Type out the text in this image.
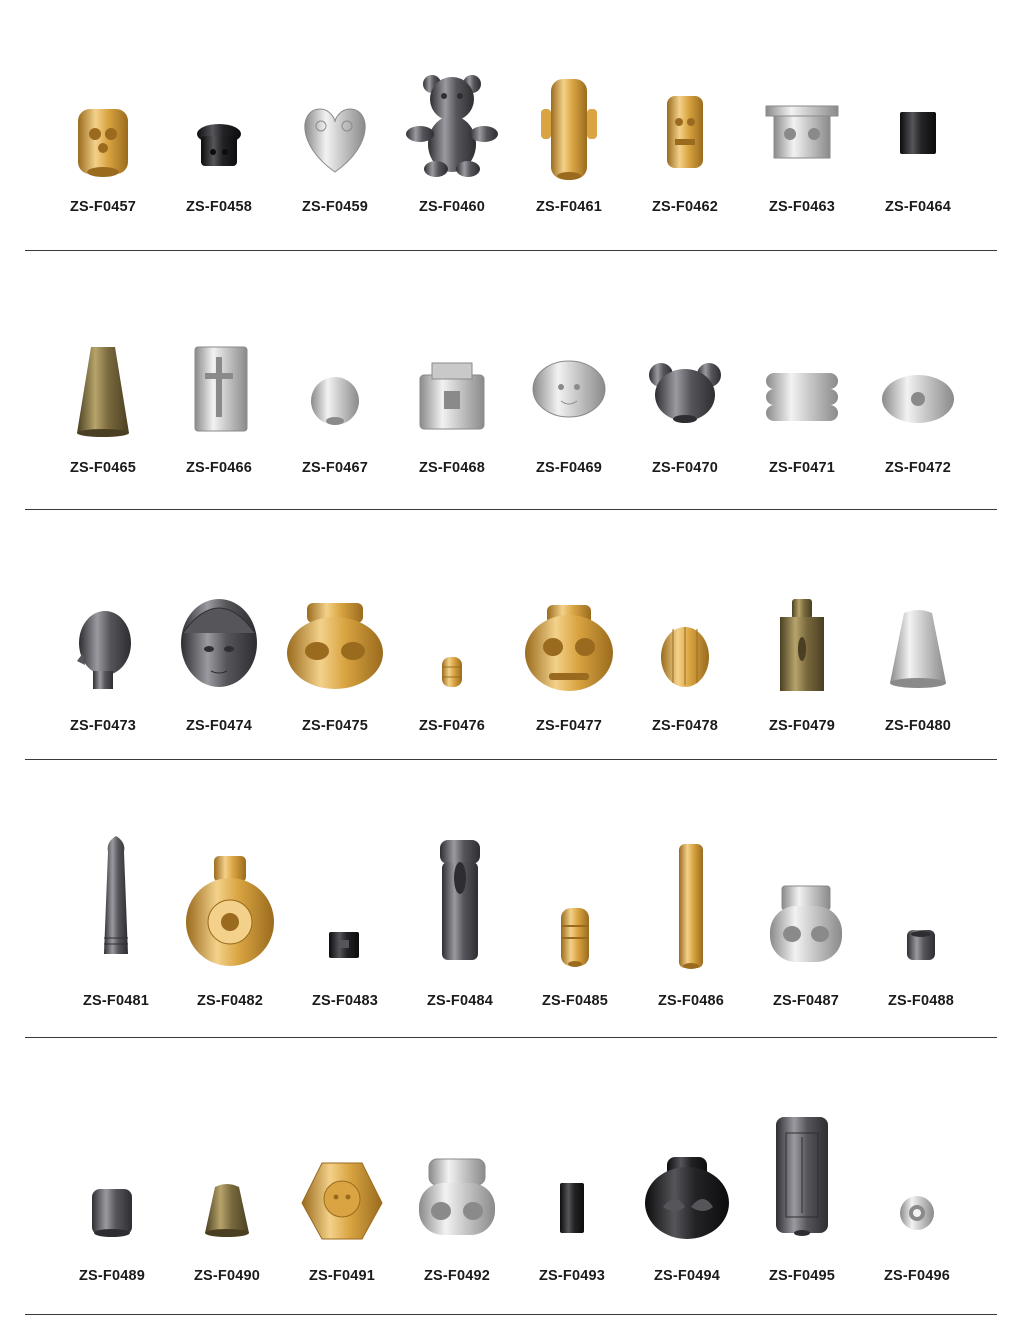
ZS-F0457	ZS-F0458	ZS-F0459	ZS-F0460	ZS-F0461	ZS-F0462	ZS-F0463	ZS-F0464
ZS-F0465	ZS-F0466	ZS-F0467	ZS-F0468	ZS-F0469	ZS-F0470	ZS-F0471	ZS-F0472
ZS-F0473	ZS-F0474	ZS-F0475	ZS-F0476	ZS-F0477	ZS-F0478	ZS-F0479	ZS-F0480
ZS-F0481	ZS-F0482	ZS-F0483	ZS-F0484	ZS-F0485	ZS-F0486	ZS-F0487	ZS-F0488
ZS-F0489	ZS-F0490	ZS-F0491	ZS-F0492	ZS-F0493	ZS-F0494	ZS-F0495	ZS-F0496
